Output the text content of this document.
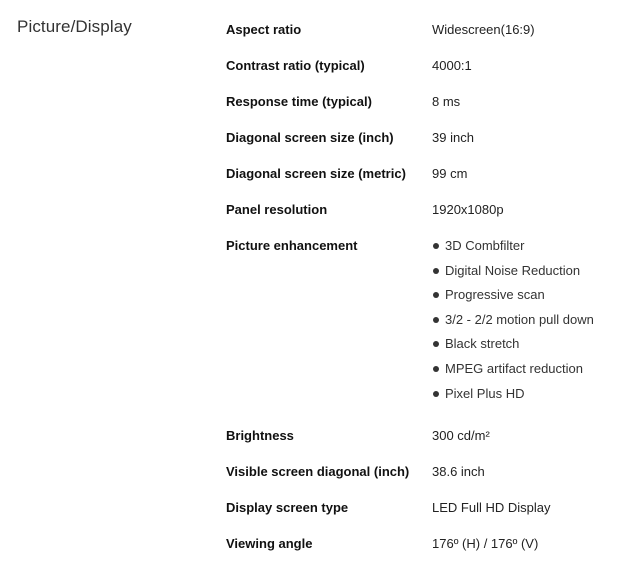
Picture/Display	Aspect ratio	Widescreen(16:9)
Contrast ratio (typical)	4000:1
Response time (typical)	8 ms
Diagonal screen size (inch)	39 inch
Diagonal screen size (metric)	99 cm
Panel resolution	1920x1080p
Picture enhancement	3D Combfilter
Digital Noise Reduction
Progressive scan
3/2 - 2/2 motion pull down
Black stretch
MPEG artifact reduction
Pixel Plus HD
Brightness	300 cd/m²
Visible screen diagonal (inch)	38.6 inch
Display screen type	LED Full HD Display
Viewing angle	176º (H) / 176º (V)
